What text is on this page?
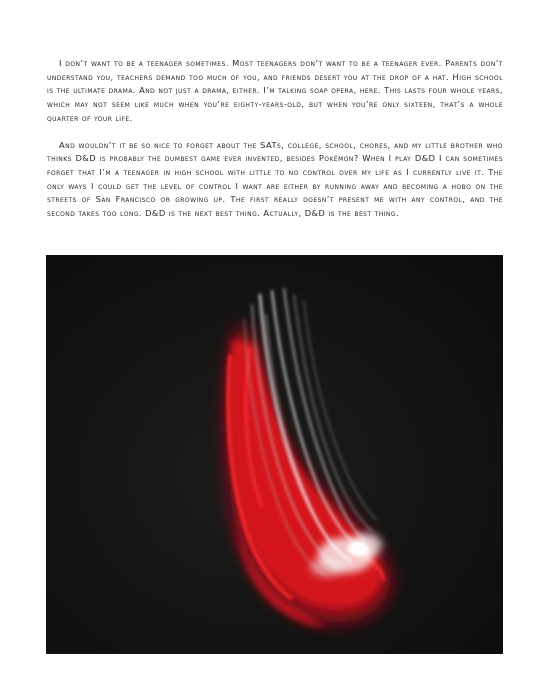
I don’t want to be a teenager sometimes. Most teenagers don’t want to be a teenager ever. Parents don’t understand you, teachers demand too much of you, and friends desert you at the drop of a hat. High school is the ultimate drama. And not just a drama, either. I’m talking soap opera, here. This lasts four whole years, which may not seem like much when you’re eighty-years-old, but when you’re only sixteen, that’s a whole quarter of your life.

And wouldn’t it be so nice to forget about the SATs, college, school, chores, and my little brother who thinks D&D is probably the dumbest game ever invented, besides Pokémon? When I play D&D I can sometimes forget that I’m a teenager in high school with little to no control over my life as I currently live it. The only ways I could get the level of control I want are either by running away and becoming a hobo on the streets of San Francisco or growing up. The first really doesn’t present me with any control, and the second takes too long. D&D is the next best thing. Actually, D&D is the best thing.
